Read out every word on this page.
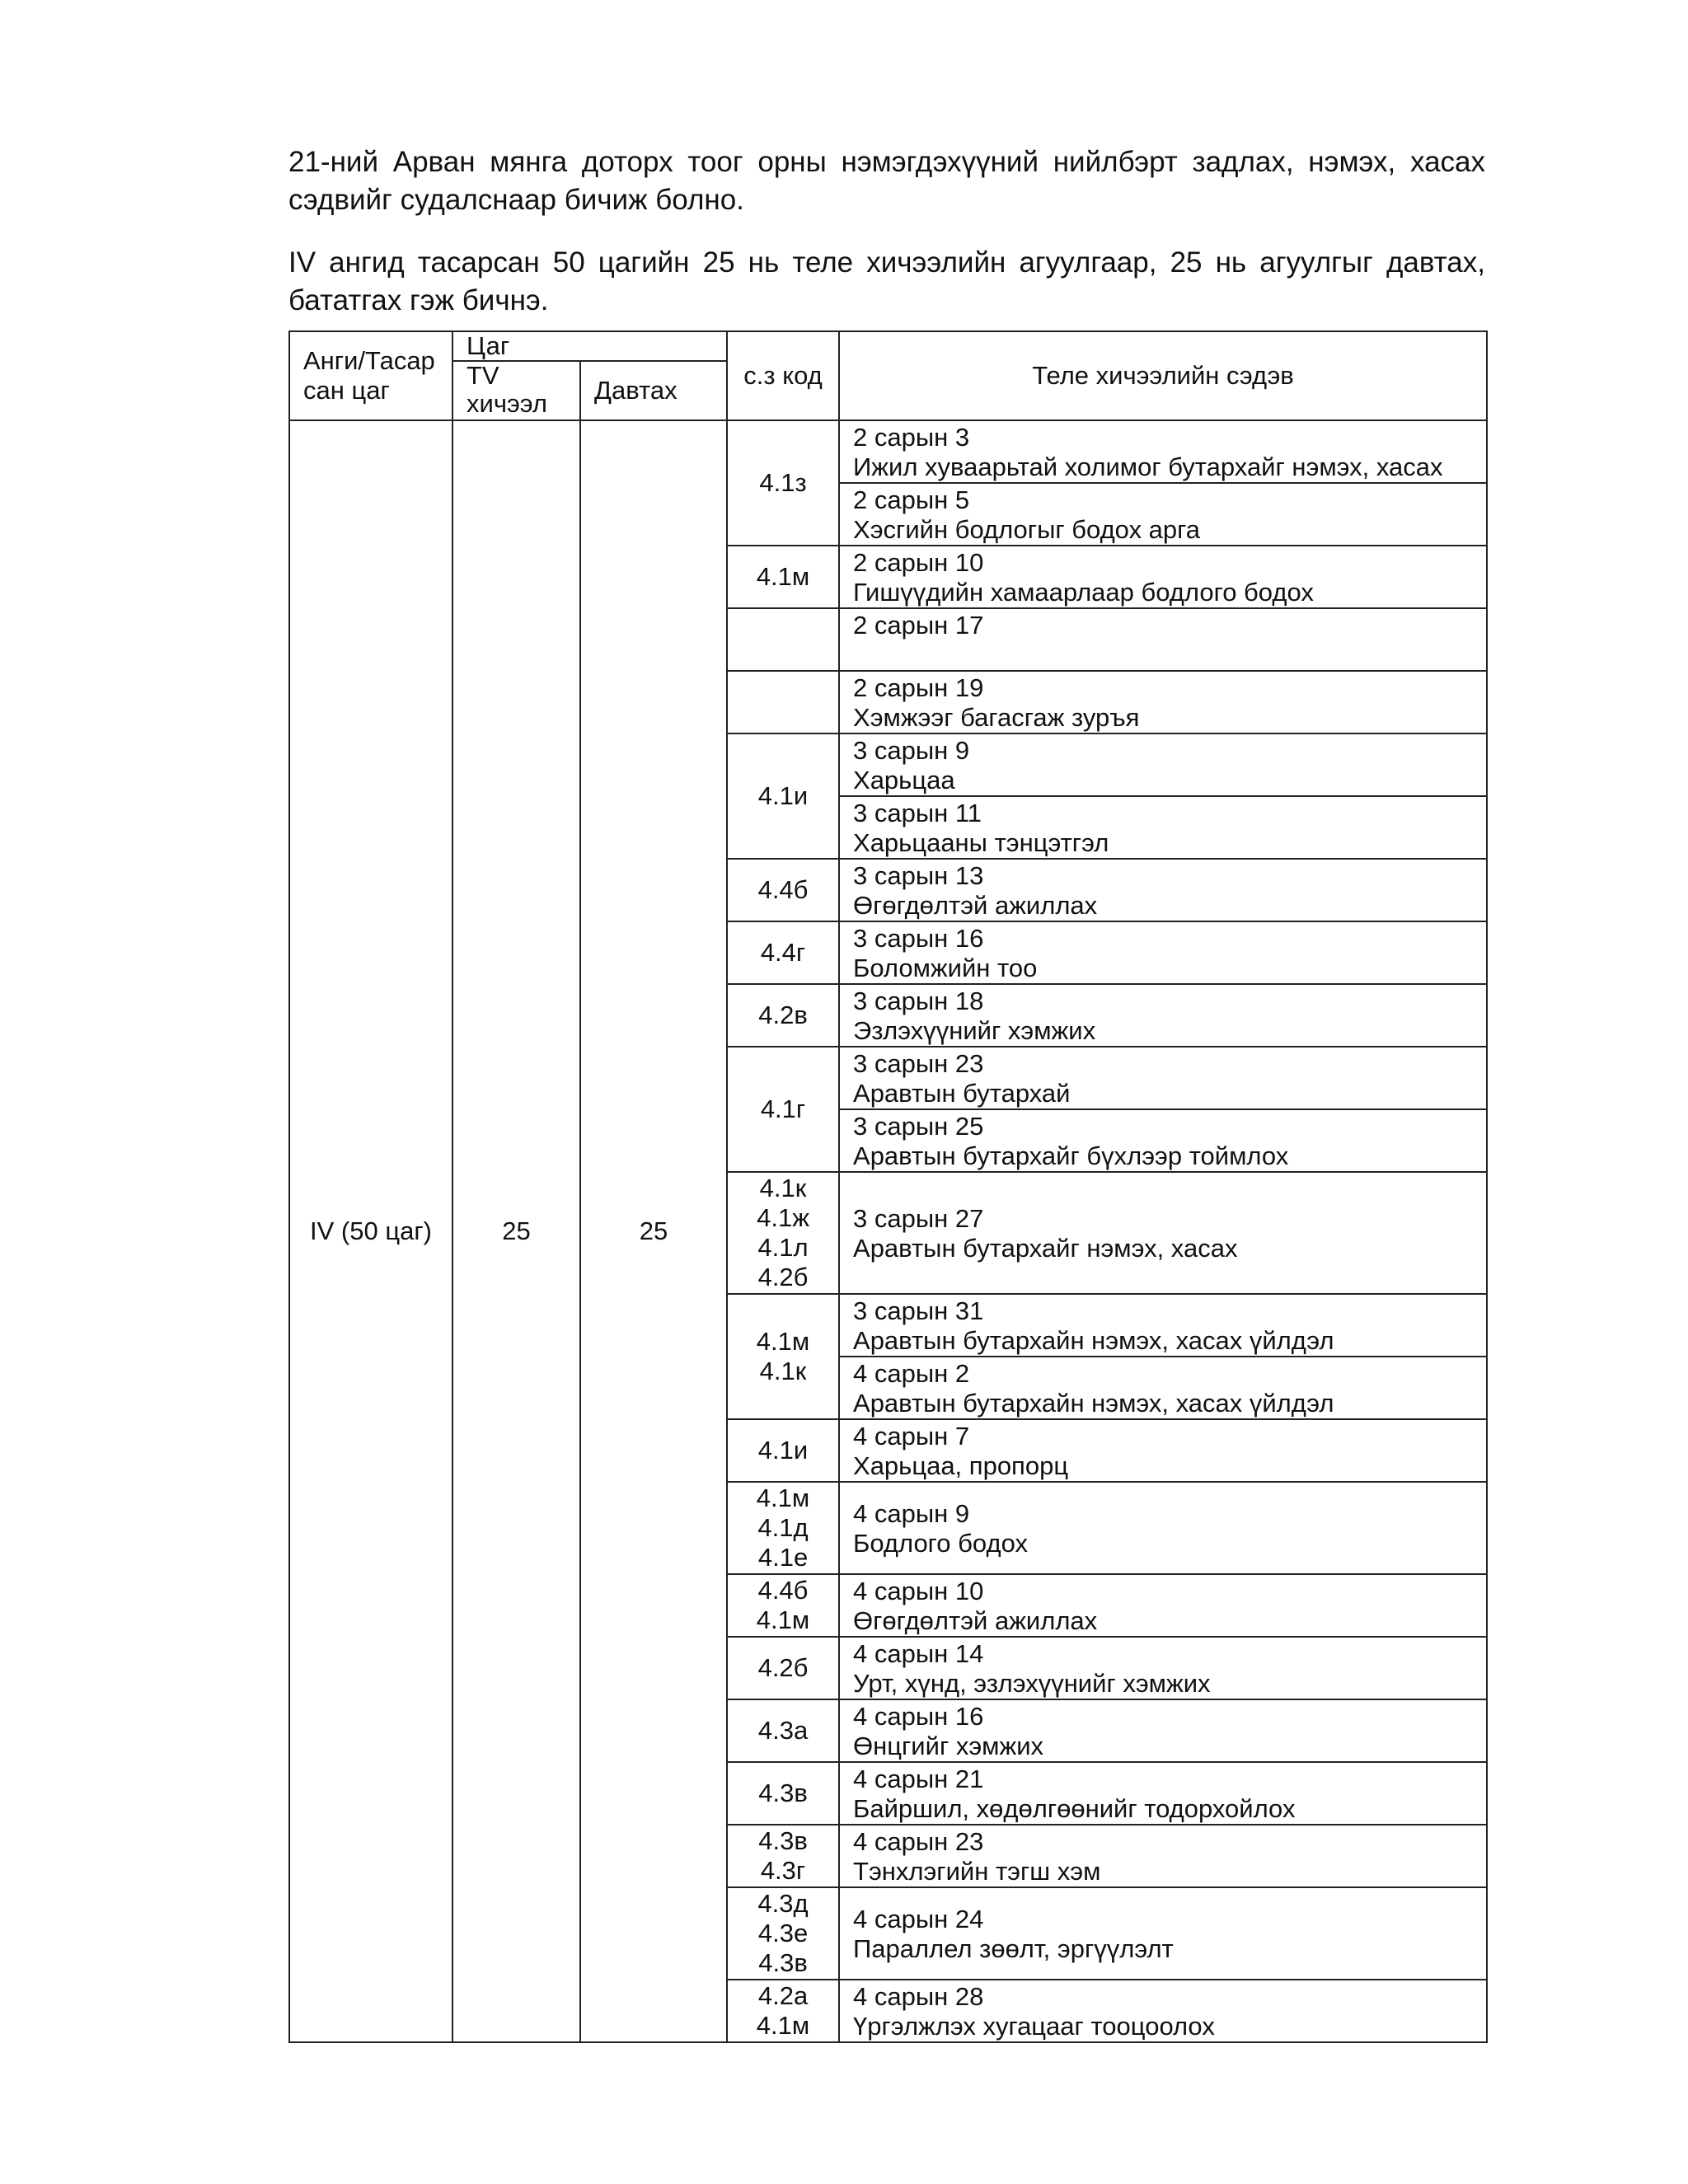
21-ний Арван мянга доторх тоог орны нэмэгдэхүүний нийлбэрт задлах, нэмэх, хасах сэдвийг судалснаар бичиж болно.
IV ангид тасарсан 50 цагийн 25 нь теле хичээлийн агуулгаар, 25 нь агуулгыг давтах, бататгах гэж бичнэ.
Анги/Тасар сан цаг	Цаг		с.з код	Теле хичээлийн сэдэв
	TV хичээл	Давтах		
IV (50 цаг)	25	25	4.1з	2 сарын 3
Ижил хуваарьтай холимог бутархайг нэмэх, хасах

				2 сарын 5
Хэсгийн бодлогыг бодох арга

			4.1м	2 сарын 10
Гишүүдийн хамаарлаар бодлого бодох

				2 сарын 17

				2 сарын 19
Хэмжээг багасгаж зуръя

			4.1и	3 сарын 9
Харьцаа

				3 сарын 11
Харьцааны тэнцэтгэл

			4.4б	3 сарын 13
Өгөгдөлтэй ажиллах

			4.4г	3 сарын 16
Боломжийн тоо

			4.2в	3 сарын 18
Эзлэхүүнийг хэмжих

			4.1г	3 сарын 23
Аравтын бутархай

				3 сарын 25
Аравтын бутархайг бүхлээр тоймлох

			4.1к
4.1ж
4.1л
4.2б	3 сарын 27
Аравтын бутархайг нэмэх, хасах

			4.1м
4.1к	3 сарын 31
Аравтын бутархайн нэмэх, хасах үйлдэл

				4 сарын 2
Аравтын бутархайн нэмэх, хасах үйлдэл

			4.1и	4 сарын 7
Харьцаа, пропорц

			4.1м
4.1д
4.1е	4 сарын 9
Бодлого бодох

			4.4б
4.1м	4 сарын 10
Өгөгдөлтэй ажиллах

			4.2б	4 сарын 14
Урт, хүнд, эзлэхүүнийг хэмжих

			4.3а	4 сарын 16
Өнцгийг хэмжих

			4.3в	4 сарын 21
Байршил, хөдөлгөөнийг тодорхойлох

			4.3в
4.3г	4 сарын 23
Тэнхлэгийн тэгш хэм

			4.3д
4.3е
4.3в	4 сарын 24
Параллел зөөлт, эргүүлэлт

			4.2а
4.1м	4 сарын 28
Үргэлжлэх хугацааг тооцоолох
